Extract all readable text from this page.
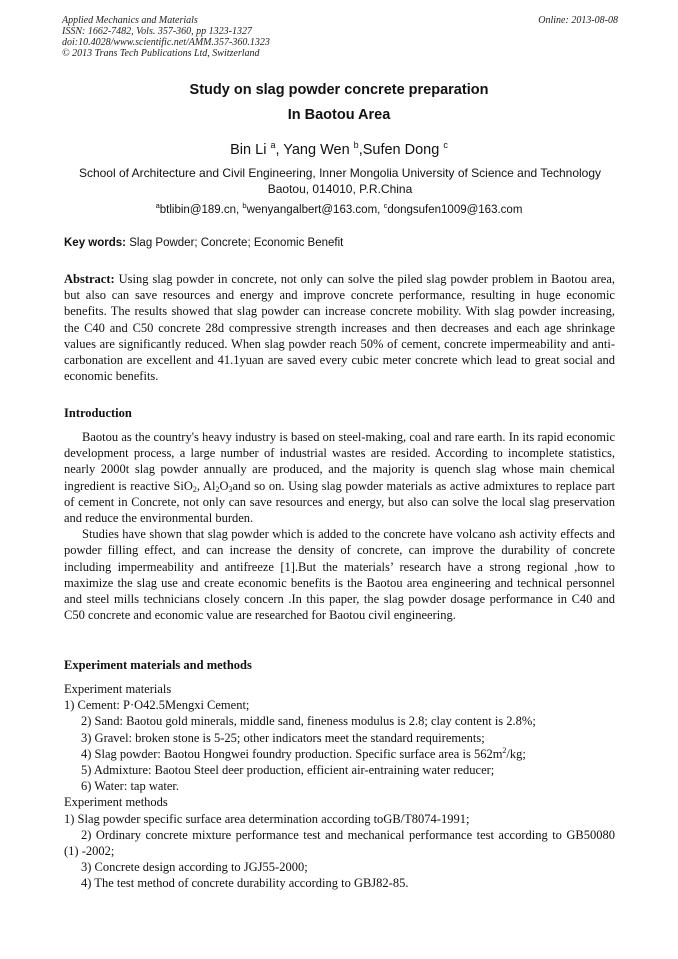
Applied Mechanics and Materials	Online: 2013-08-08
ISSN: 1662-7482, Vols. 357-360, pp 1323-1327
doi:10.4028/www.scientific.net/AMM.357-360.1323
© 2013 Trans Tech Publications Ltd, Switzerland
Study on slag powder concrete preparation
In Baotou Area
Bin Li $^a$, Yang Wen $^b$,Sufen Dong $^c$
School of Architecture and Civil Engineering, Inner Mongolia University of Science and Technology
Baotou, 014010, P.R.China
$^a$btlibin@189.cn, $^b$wenyangalbert@163.com, $^c$dongsufen1009@163.com
Key words: Slag Powder; Concrete; Economic Benefit
Abstract: Using slag powder in concrete, not only can solve the piled slag powder problem in Baotou area, but also can save resources and energy and improve concrete performance, resulting in huge economic benefits. The results showed that slag powder can increase concrete mobility. With slag powder increasing, the C40 and C50 concrete 28d compressive strength increases and then decreases and each age shrinkage values are significantly reduced. When slag powder reach 50% of cement, concrete impermeability and anti-carbonation are excellent and 41.1yuan are saved every cubic meter concrete which lead to great social and economic benefits.
Introduction

Baotou as the country's heavy industry is based on steel-making, coal and rare earth. In its rapid economic development process, a large number of industrial wastes are resided. According to incomplete statistics, nearly 2000t slag powder annually are produced, and the majority is quench slag whose main chemical ingredient is reactive SiO$_2$, $Al_2O_3and$ so on. Using slag powder materials as active admixtures to replace part of cement in Concrete, not only can save resources and energy, but also can solve the local slag preservation and reduce the environmental burden.

Studies have shown that slag powder which is added to the concrete have volcano ash activity effects and powder filling effect, and can increase the density of concrete, can improve the durability of concrete including impermeability and antifreeze [1].But the materials’ research have a strong regional ,how to maximize the slag use and create economic benefits is the Baotou area engineering and technical personnel and steel mills technicians closely concern .In this paper, the slag powder dosage performance in C40 and C50 concrete and economic value are researched for Baotou civil engineering.

Experiment materials and methods
Experiment materials
1) Cement: P·O42.5Mengxi Cement;
2) Sand: Baotou gold minerals, middle sand, fineness modulus is 2.8; clay content is 2.8%;
3) Gravel: broken stone is 5-25; other indicators meet the standard requirements;
4) Slag powder: Baotou Hongwei foundry production. Specific surface area is $562m^2/kg$;
5) Admixture: Baotou Steel deer production, efficient air-entraining water reducer;
6) Water: tap water.
Experiment methods
1) Slag powder specific surface area determination according toGB/T8074-1991;
2) Ordinary concrete mixture performance test and mechanical performance test according to GB50080 (1) -2002;
3) Concrete design according to JGJ55-2000;
4) The test method of concrete durability according to GBJ82-85.
